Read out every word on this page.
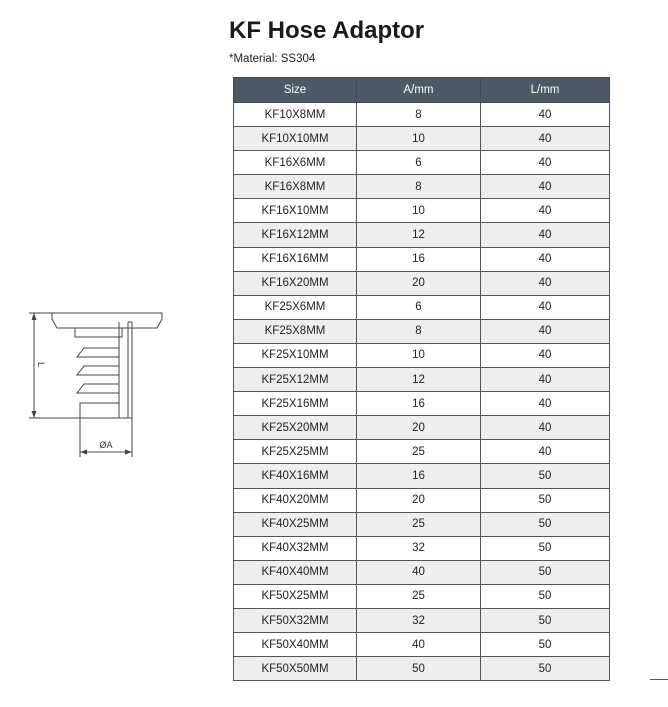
KF Hose Adaptor
*Material: SS304
Size	A/mm	L/mm
KF10X8MM	8	40
KF10X10MM	10	40
KF16X6MM	6	40
KF16X8MM	8	40
KF16X10MM	10	40
KF16X12MM	12	40
KF16X16MM	16	40
KF16X20MM	20	40
KF25X6MM	6	40
KF25X8MM	8	40
KF25X10MM	10	40
KF25X12MM	12	40
KF25X16MM	16	40
KF25X20MM	20	40
KF25X25MM	25	40
KF40X16MM	16	50
KF40X20MM	20	50
KF40X25MM	25	50
KF40X32MM	32	50
KF40X40MM	40	50
KF50X25MM	25	50
KF50X32MM	32	50
KF50X40MM	40	50
KF50X50MM	50	50
L
ØA
